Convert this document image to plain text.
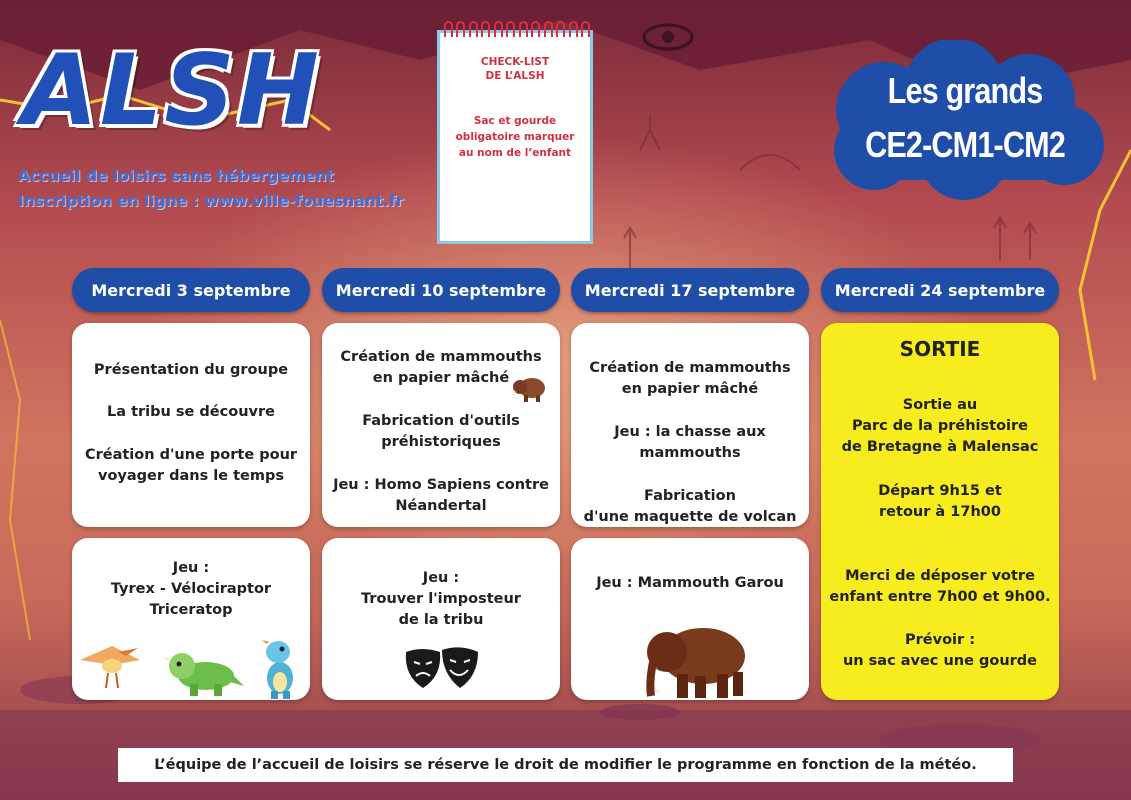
ALSH
Accueil de loisirs sans hébergement
Inscription en ligne : www.ville-fouesnant.fr
CHECK-LIST
DE L’ALSH
Sac et gourde
obligatoire marquer
au nom de l’enfant
Les grands
CE2-CM1-CM2
Mercredi 3 septembre	Mercredi 10 septembre	Mercredi 17 septembre	Mercredi 24 septembre
Présentation du groupe
La tribu se découvre
Création d'une porte pour
voyager dans le temps
Jeu :
Tyrex - Vélociraptor
Triceratop
Création de mammouths
en papier mâché
Fabrication d'outils
préhistoriques
Jeu : Homo Sapiens contre
Néandertal
Jeu :
Trouver l'imposteur
de la tribu
Création de mammouths
en papier mâché
Jeu : la chasse aux
mammouths
Fabrication
d'une maquette de volcan
Jeu : Mammouth Garou
SORTIE
Sortie au
Parc de la préhistoire
de Bretagne à Malensac
Départ 9h15 et
retour à 17h00
Merci de déposer votre
enfant entre 7h00 et 9h00.
Prévoir :
un sac avec une gourde
L’équipe de l’accueil de loisirs se réserve le droit de modifier le programme en fonction de la météo.
